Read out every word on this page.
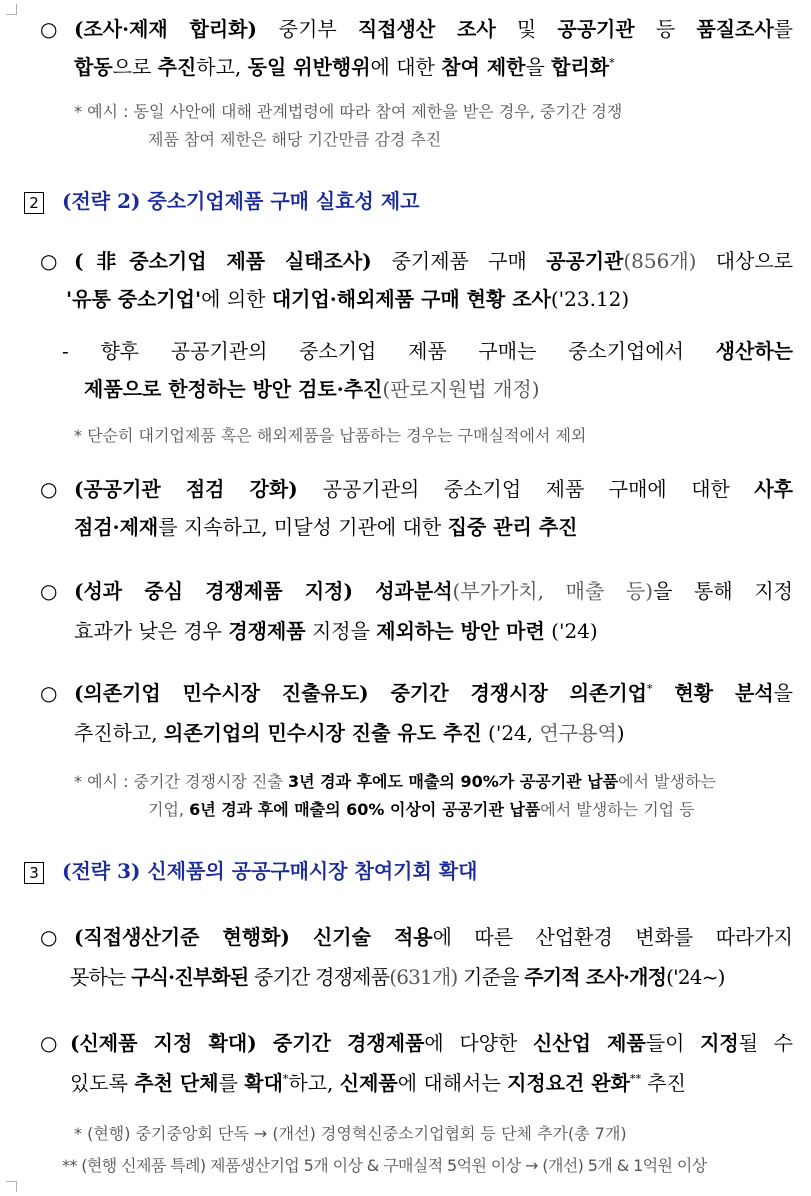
○ (조사·제재 합리화) 중기부 직접생산 조사 및 공공기관 등 품질조사를
합동으로 추진하고, 동일 위반행위에 대한 참여 제한을 합리화*
* 예시 : 동일 사안에 대해 관계법령에 따라 참여 제한을 받은 경우, 중기간 경쟁
제품 참여 제한은 해당 기간만큼 감경 추진
2 (전략 2) 중소기업제품 구매 실효성 제고
○ (非중소기업 제품 실태조사) 중기제품 구매 공공기관(856개) 대상으로
'유통 중소기업'에 의한 대기업·해외제품 구매 현황 조사('23.12)
- 향후 공공기관의 중소기업 제품 구매는 중소기업에서 생산하는
제품으로 한정하는 방안 검토·추진(판로지원법 개정)
* 단순히 대기업제품 혹은 해외제품을 납품하는 경우는 구매실적에서 제외
○ (공공기관 점검 강화) 공공기관의 중소기업 제품 구매에 대한 사후
점검·제재를 지속하고, 미달성 기관에 대한 집중 관리 추진
○ (성과 중심 경쟁제품 지정) 성과분석(부가가치, 매출 등)을 통해 지정
효과가 낮은 경우 경쟁제품 지정을 제외하는 방안 마련 ('24)
○ (의존기업 민수시장 진출유도) 중기간 경쟁시장 의존기업* 현황 분석을
추진하고, 의존기업의 민수시장 진출 유도 추진 ('24, 연구용역)
* 예시 : 중기간 경쟁시장 진출 3년 경과 후에도 매출의 90%가 공공기관 납품에서 발생하는
기업, 6년 경과 후에 매출의 60% 이상이 공공기관 납품에서 발생하는 기업 등
3 (전략 3) 신제품의 공공구매시장 참여기회 확대
○ (직접생산기준 현행화) 신기술 적용에 따른 산업환경 변화를 따라가지
못하는 구식·진부화된 중기간 경쟁제품(631개) 기준을 주기적 조사·개정('24~)
○ (신제품 지정 확대) 중기간 경쟁제품에 다양한 신산업 제품들이 지정될 수
있도록 추천 단체를 확대*하고, 신제품에 대해서는 지정요건 완화** 추진
* (현행) 중기중앙회 단독 → (개선) 경영혁신중소기업협회 등 단체 추가(총 7개)
** (현행 신제품 특례) 제품생산기업 5개 이상 & 구매실적 5억원 이상 → (개선) 5개 & 1억원 이상
